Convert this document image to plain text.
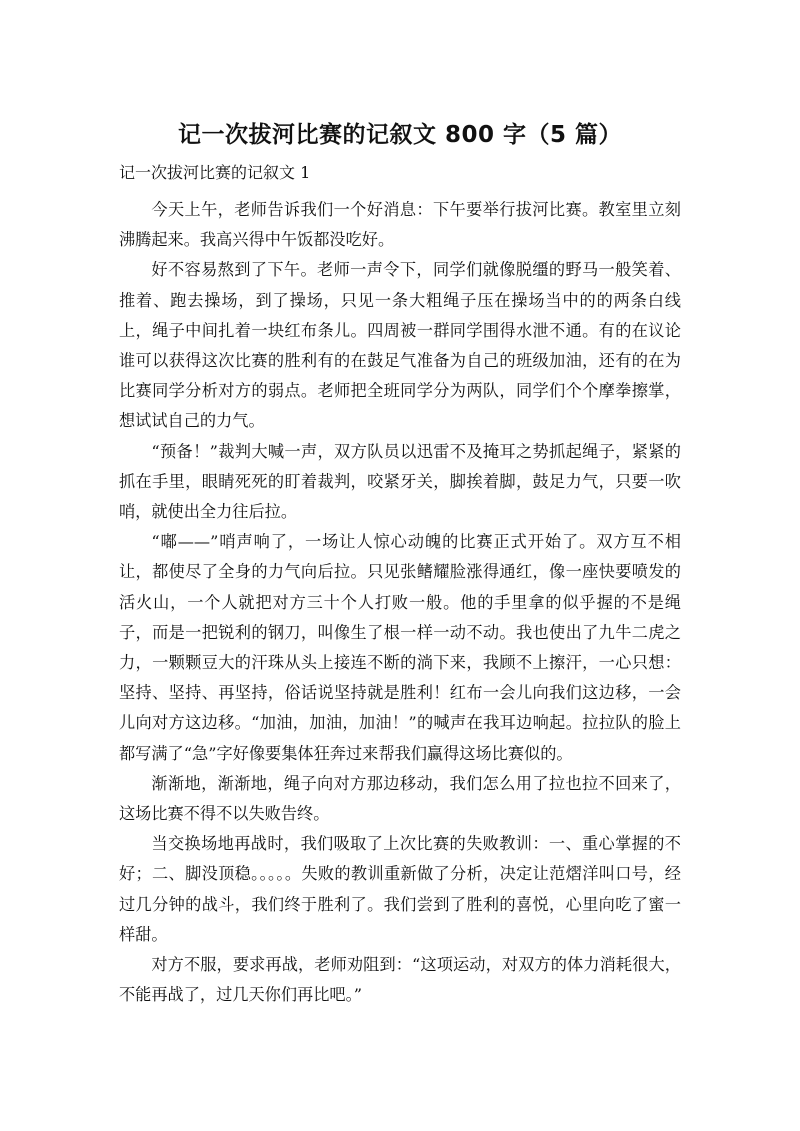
记一次拔河比赛的记叙文 800 字（5 篇）

记一次拔河比赛的记叙文 1

今天上午，老师告诉我们一个好消息：下午要举行拔河比赛。教室里立刻沸腾起来。我高兴得中午饭都没吃好。

好不容易熬到了下午。老师一声令下，同学们就像脱缰的野马一般笑着、推着、跑去操场，到了操场，只见一条大粗绳子压在操场当中的的两条白线上，绳子中间扎着一块红布条儿。四周被一群同学围得水泄不通。有的在议论谁可以获得这次比赛的胜利有的在鼓足气准备为自己的班级加油，还有的在为比赛同学分析对方的弱点。老师把全班同学分为两队，同学们个个摩拳擦掌，想试试自己的力气。

“预备！”裁判大喊一声，双方队员以迅雷不及掩耳之势抓起绳子，紧紧的抓在手里，眼睛死死的盯着裁判，咬紧牙关，脚挨着脚，鼓足力气，只要一吹哨，就使出全力往后拉。

“嘟——”哨声响了，一场让人惊心动魄的比赛正式开始了。双方互不相让，都使尽了全身的力气向后拉。只见张鳍耀脸涨得通红，像一座快要喷发的活火山，一个人就把对方三十个人打败一般。他的手里拿的似乎握的不是绳子，而是一把锐利的钢刀，叫像生了根一样一动不动。我也使出了九牛二虎之力，一颗颗豆大的汗珠从头上接连不断的淌下来，我顾不上擦汗，一心只想：坚持、坚持、再坚持，俗话说坚持就是胜利！红布一会儿向我们这边移，一会儿向对方这边移。“加油，加油，加油！”的喊声在我耳边响起。拉拉队的脸上都写满了“急”字好像要集体狂奔过来帮我们赢得这场比赛似的。

渐渐地，渐渐地，绳子向对方那边移动，我们怎么用了拉也拉不回来了，这场比赛不得不以失败告终。

当交换场地再战时，我们吸取了上次比赛的失败教训：一、重心掌握的不好；二、脚没顶稳。。。。。失败的教训重新做了分析，决定让范熠洋叫口号，经过几分钟的战斗，我们终于胜利了。我们尝到了胜利的喜悦，心里向吃了蜜一样甜。

对方不服，要求再战，老师劝阻到：“这项运动，对双方的体力消耗很大，不能再战了，过几天你们再比吧。”
